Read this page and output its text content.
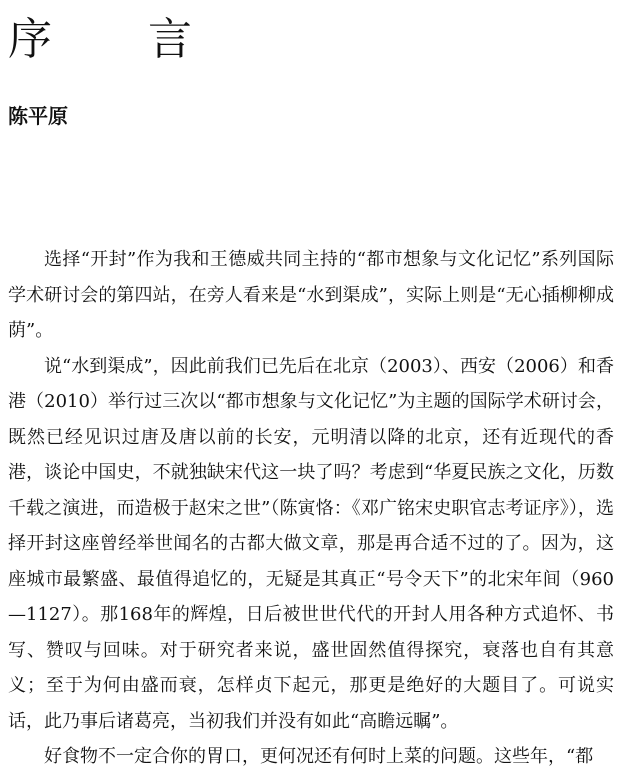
序　言
陈平原

选择“开封”作为我和王德威共同主持的“都市想象与文化记忆”系列国际学术研讨会的第四站，在旁人看来是“水到渠成”，实际上则是“无心插柳柳成荫”。

说“水到渠成”，因此前我们已先后在北京（2003）、西安（2006）和香港（2010）举行过三次以“都市想象与文化记忆”为主题的国际学术研讨会，既然已经见识过唐及唐以前的长安，元明清以降的北京，还有近现代的香港，谈论中国史，不就独缺宋代这一块了吗？考虑到“华夏民族之文化，历数千载之演进，而造极于赵宋之世”（陈寅恪：《邓广铭宋史职官志考证序》），选择开封这座曾经举世闻名的古都大做文章，那是再合适不过的了。因为，这座城市最繁盛、最值得追忆的，无疑是其真正“号令天下”的北宋年间（960—1127）。那168年的辉煌，日后被世世代代的开封人用各种方式追怀、书写、赞叹与回味。对于研究者来说，盛世固然值得探究，衰落也自有其意义；至于为何由盛而衰，怎样贞下起元，那更是绝好的大题目了。可说实话，此乃事后诸葛亮，当初我们并没有如此“高瞻远瞩”。

好食物不一定合你的胃口，更何况还有何时上菜的问题。这些年，“都
